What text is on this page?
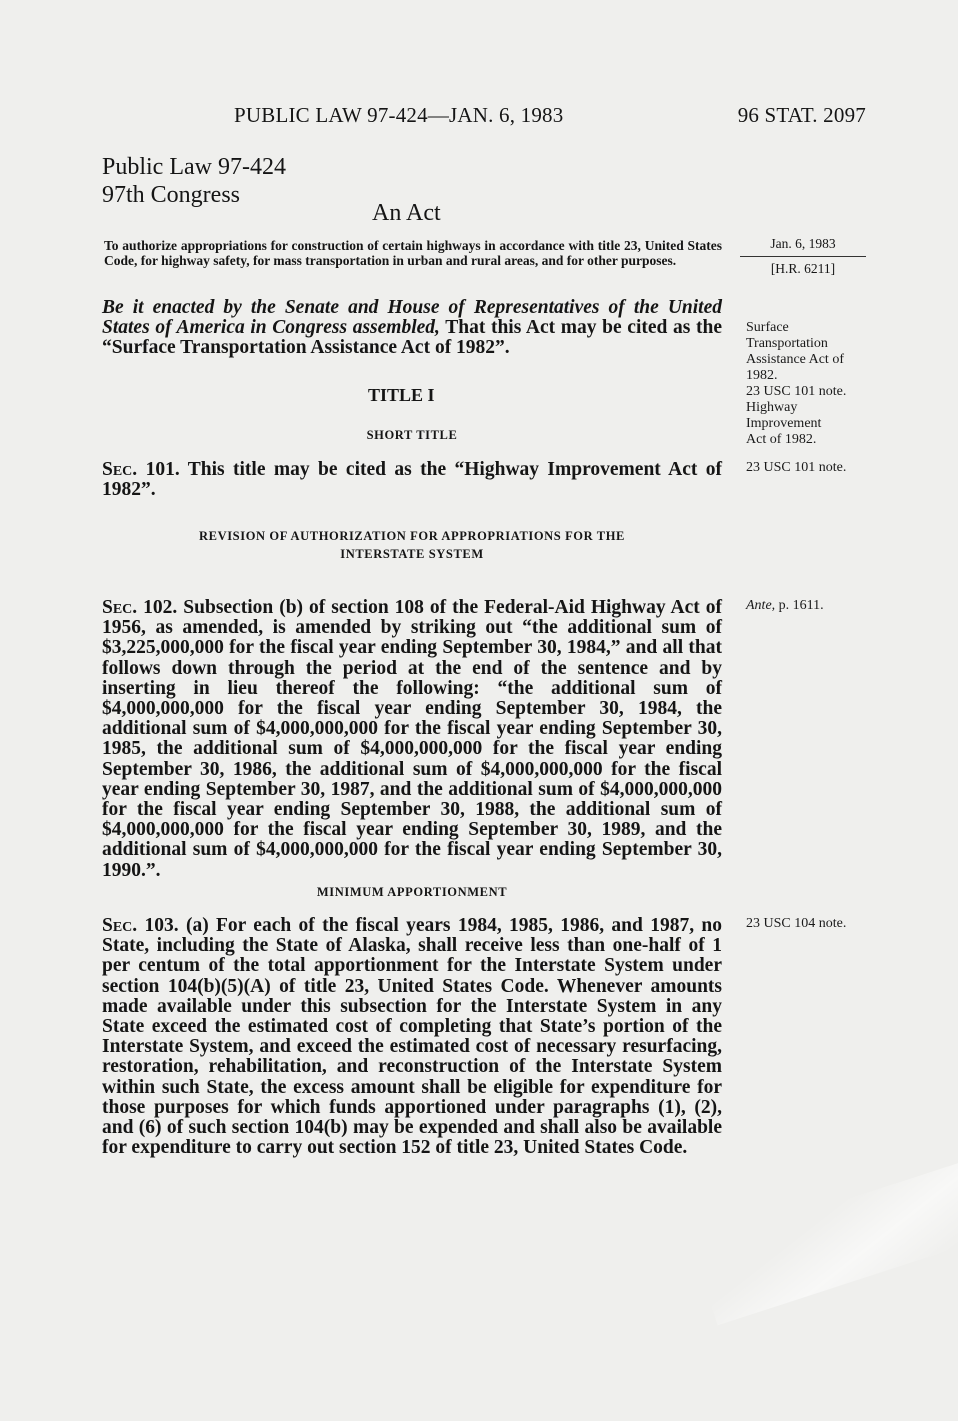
PUBLIC LAW 97-424—JAN. 6, 1983	96 STAT. 2097
Public Law 97-424
97th Congress
An Act
To authorize appropriations for construction of certain highways in accordance with title 23, United States Code, for highway safety, for mass transportation in urban and rural areas, and for other purposes.
Jan. 6, 1983
[H.R. 6211]
Be it enacted by the Senate and House of Representatives of the United States of America in Congress assembled, That this Act may be cited as the “Surface Transportation Assistance Act of 1982”.
TITLE I
SHORT TITLE
Sec. 101. This title may be cited as the “Highway Improvement Act of 1982”.
REVISION OF AUTHORIZATION FOR APPROPRIATIONS FOR THE
INTERSTATE SYSTEM
Sec. 102. Subsection (b) of section 108 of the Federal-Aid Highway Act of 1956, as amended, is amended by striking out “the additional sum of $3,225,000,000 for the fiscal year ending September 30, 1984,” and all that follows down through the period at the end of the sentence and by inserting in lieu thereof the following: “the additional sum of $4,000,000,000 for the fiscal year ending September 30, 1984, the additional sum of $4,000,000,000 for the fiscal year ending September 30, 1985, the additional sum of $4,000,000,000 for the fiscal year ending September 30, 1986, the additional sum of $4,000,000,000 for the fiscal year ending September 30, 1987, and the additional sum of $4,000,000,000 for the fiscal year ending September 30, 1988, the additional sum of $4,000,000,000 for the fiscal year ending September 30, 1989, and the additional sum of $4,000,000,000 for the fiscal year ending September 30, 1990.”.
MINIMUM APPORTIONMENT
Sec. 103. (a) For each of the fiscal years 1984, 1985, 1986, and 1987, no State, including the State of Alaska, shall receive less than one-half of 1 per centum of the total apportionment for the Interstate System under section 104(b)(5)(A) of title 23, United States Code. Whenever amounts made available under this subsection for the Interstate System in any State exceed the estimated cost of completing that State’s portion of the Interstate System, and exceed the estimated cost of necessary resurfacing, restoration, rehabilitation, and reconstruction of the Interstate System within such State, the excess amount shall be eligible for expenditure for those purposes for which funds apportioned under paragraphs (1), (2), and (6) of such section 104(b) may be expended and shall also be available for expenditure to carry out section 152 of title 23, United States Code.
Surface
Transportation
Assistance Act of
1982.
23 USC 101 note.
Highway
Improvement
Act of 1982.
23 USC 101 note.
Ante, p. 1611.
23 USC 104 note.
